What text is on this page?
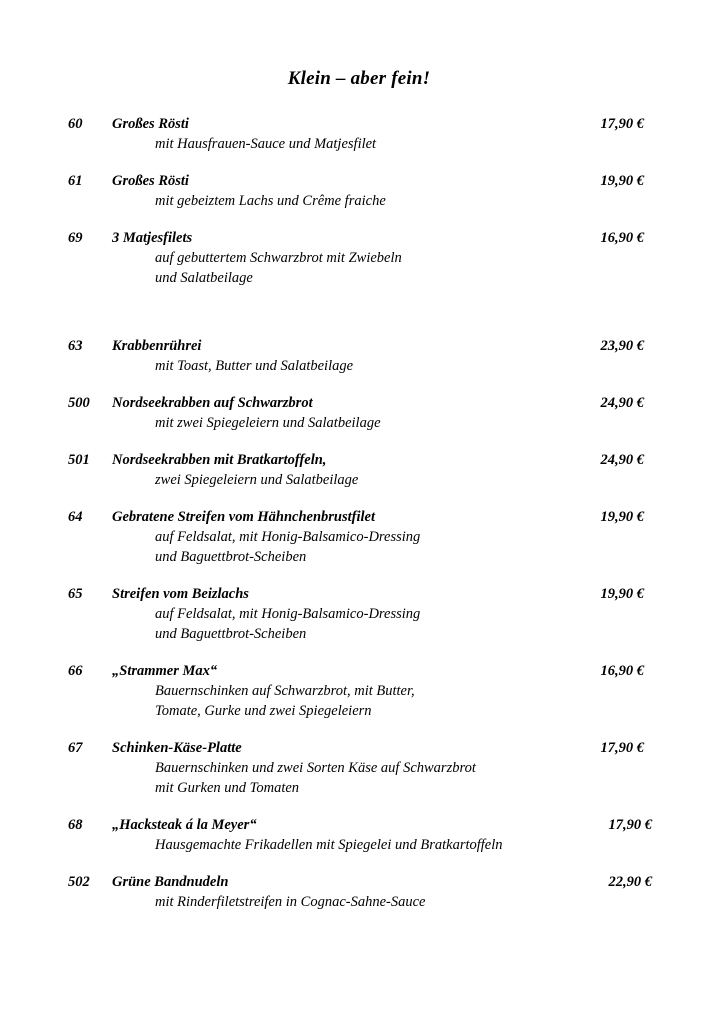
Klein – aber fein!
60	Großes Rösti
mit Hausfrauen-Sauce und Matjesfilet
17,90 €
61	Großes Rösti
mit gebeiztem Lachs und Crême fraiche
19,90 €
69	3 Matjesfilets
auf gebuttertem Schwarzbrot mit Zwiebeln
und Salatbeilage
16,90 €
63	Krabbenrührei
mit Toast, Butter und Salatbeilage
23,90 €
500	Nordseekrabben auf Schwarzbrot
mit zwei Spiegeleiern und Salatbeilage
24,90 €
501	Nordseekrabben mit Bratkartoffeln,
zwei Spiegeleiern und Salatbeilage
24,90 €
64	Gebratene Streifen vom Hähnchenbrustfilet
auf Feldsalat, mit Honig-Balsamico-Dressing
und Baguettbrot-Scheiben
19,90 €
65	Streifen vom Beizlachs
auf Feldsalat, mit Honig-Balsamico-Dressing
und Baguettbrot-Scheiben
19,90 €
66	„Strammer Max“
Bauernschinken auf Schwarzbrot, mit Butter,
Tomate, Gurke und zwei Spiegeleiern
16,90 €
67	Schinken-Käse-Platte
Bauernschinken und zwei Sorten Käse auf Schwarzbrot
mit Gurken und Tomaten
17,90 €
68	„Hacksteak á la Meyer“
Hausgemachte Frikadellen mit Spiegelei und Bratkartoffeln
17,90 €
502	Grüne Bandnudeln
mit Rinderfiletstreifen in Cognac-Sahne-Sauce
22,90 €
